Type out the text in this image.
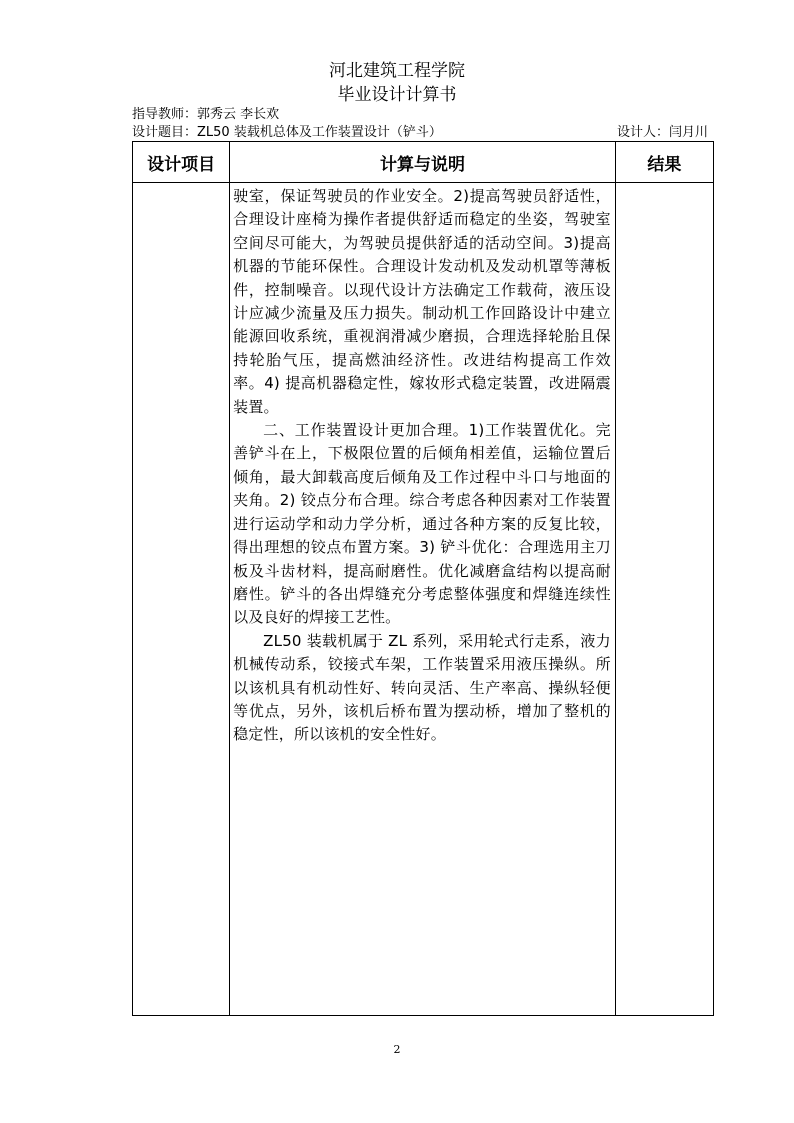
河北建筑工程学院
毕业设计计算书
指导教师：郭秀云 李长欢
设计题目：ZL50 装载机总体及工作装置设计（铲斗）	设计人：闫月川
设计项目	计算与说明	结果

	驶室，保证驾驶员的作业安全。2)提高驾驶员舒适性，合理设计座椅为操作者提供舒适而稳定的坐姿，驾驶室空间尽可能大，为驾驶员提供舒适的活动空间。3)提高机器的节能环保性。合理设计发动机及发动机罩等薄板件，控制噪音。以现代设计方法确定工作载荷，液压设计应减少流量及压力损失。制动机工作回路设计中建立能源回收系统，重视润滑减少磨损，合理选择轮胎且保持轮胎气压，提高燃油经济性。改进结构提高工作效率。4) 提高机器稳定性，嫁妆形式稳定装置，改进隔震装置。

二、工作装置设计更加合理。1)工作装置优化。完善铲斗在上，下极限位置的后倾角相差值，运输位置后倾角，最大卸载高度后倾角及工作过程中斗口与地面的夹角。2) 铰点分布合理。综合考虑各种因素对工作装置进行运动学和动力学分析，通过各种方案的反复比较，得出理想的铰点布置方案。3) 铲斗优化：合理选用主刀板及斗齿材料，提高耐磨性。优化减磨盒结构以提高耐磨性。铲斗的各出焊缝充分考虑整体强度和焊缝连续性以及良好的焊接工艺性。

ZL50 装载机属于 ZL 系列，采用轮式行走系，液力机械传动系，铰接式车架，工作装置采用液压操纵。所以该机具有机动性好、转向灵活、生产率高、操纵轻便等优点，另外，该机后桥布置为摆动桥，增加了整机的稳定性，所以该机的安全性好。	

2
